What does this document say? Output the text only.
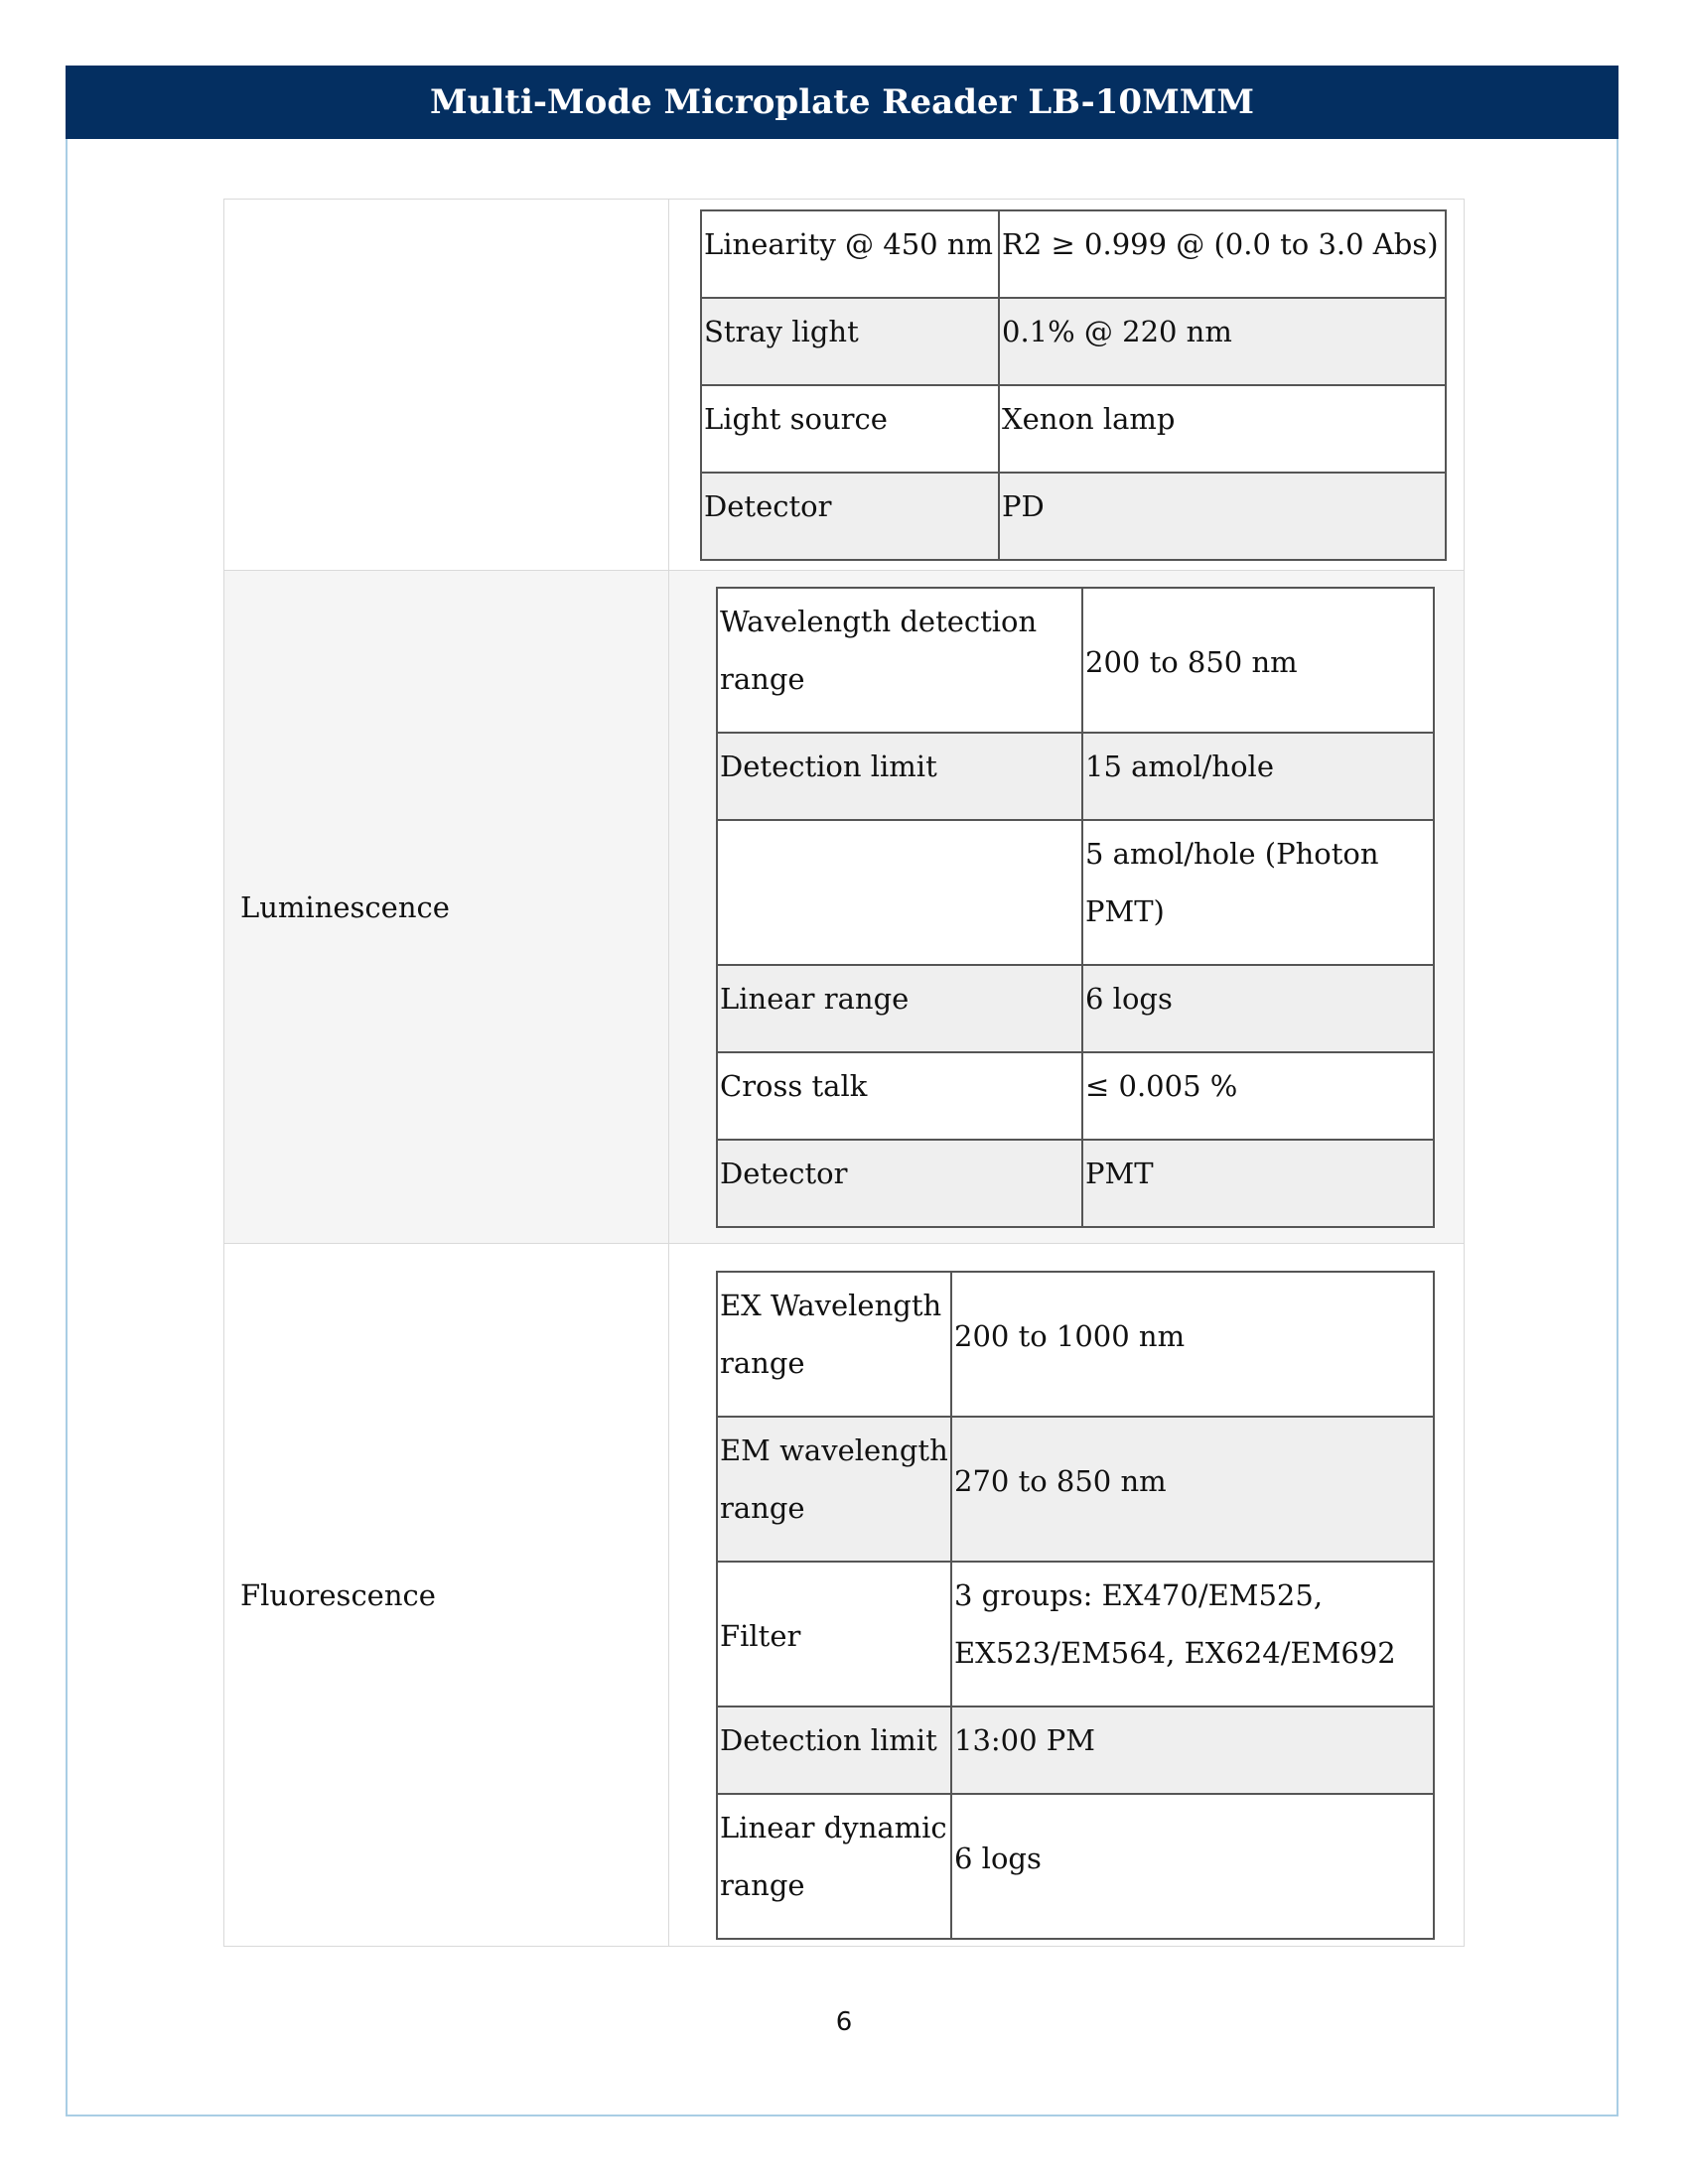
Multi-Mode Microplate Reader LB-10MMM

Linearity @ 450 nm	R2 ≥ 0.999 @ (0.0 to 3.0 Abs)
Stray light	0.1% @ 220 nm
Light source	Xenon lamp
Detector	PD

Luminescence	
Wavelength detection range	200 to 850 nm
Detection limit	15 amol/hole
	5 amol/hole (Photon PMT)
Linear range	6 logs
Cross talk	≤ 0.005 %
Detector	PMT

Fluorescence	
EX Wavelength range	200 to 1000 nm
EM wavelength range	270 to 850 nm
Filter	3 groups: EX470/EM525, EX523/EM564, EX624/EM692
Detection limit	13:00 PM
Linear dynamic range	6 logs
6
